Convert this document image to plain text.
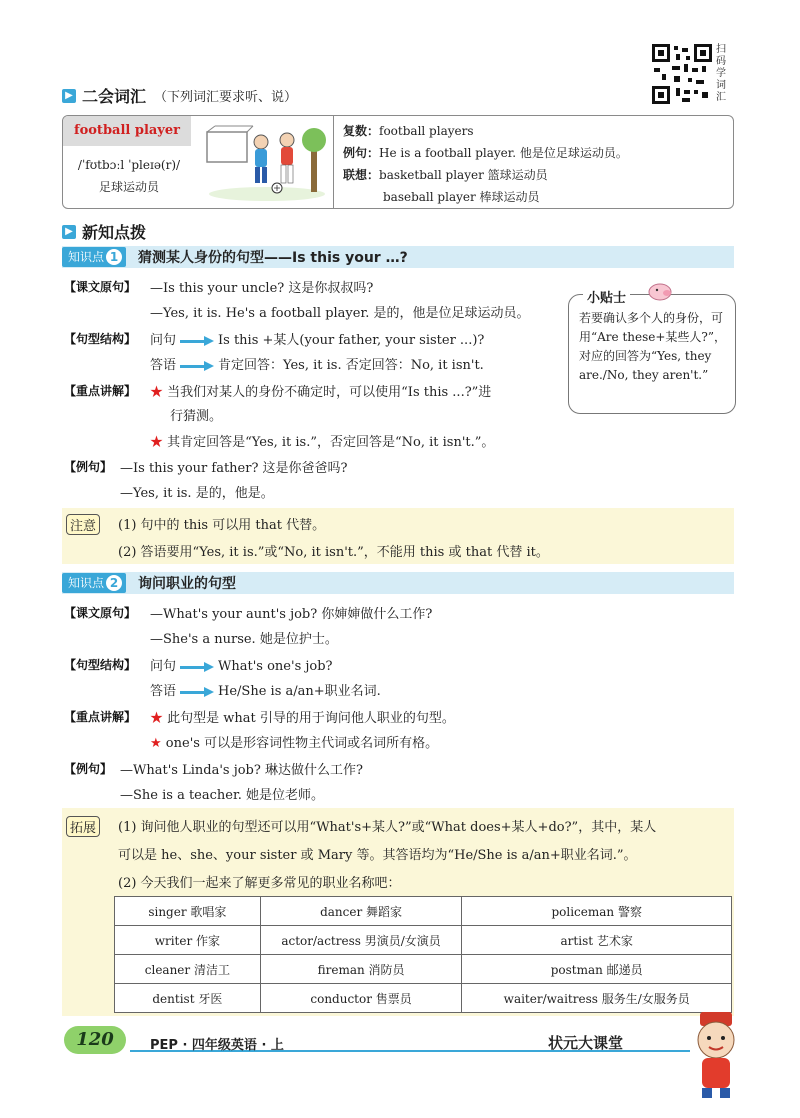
扫码学词汇
▶ 二会词汇 （下列词汇要求听、说）
football player
/ˈfʊtbɔːl ˈpleɪə(r)/
足球运动员
复数：football players
例句：He is a football player. 他是位足球运动员。
联想：basketball player 篮球运动员
baseball player 棒球运动员
▶ 新知点拨
知识点 1 猜测某人身份的句型——Is this your …?
【课文原句】 —Is this your uncle? 这是你叔叔吗?
—Yes, it is. He's a football player. 是的，他是位足球运动员。
【句型结构】 问句	Is this +某人(your father, your sister ...)?
答语	肯定回答：Yes, it is. 否定回答：No, it isn't.
【重点讲解】 ★ 当我们对某人的身份不确定时，可以使用“Is this ...?”进
行猜测。
★ 其肯定回答是“Yes, it is.”，否定回答是“No, it isn't.”。
【例句】 —Is this your father? 这是你爸爸吗?
—Yes, it is. 是的，他是。
小贴士
若要确认多个人的身份，可用“Are these+某些人?”，对应的回答为“Yes, they are./No, they aren't.”
注意	(1) 句中的 this 可以用 that 代替。
(2) 答语要用“Yes, it is.”或“No, it isn't.”，不能用 this 或 that 代替 it。
知识点 2 询问职业的句型
【课文原句】 —What's your aunt's job? 你婶婶做什么工作?
—She's a nurse. 她是位护士。
【句型结构】 问句	What's one's job?
答语	He/She is a/an+职业名词.
【重点讲解】 ★ 此句型是 what 引导的用于询问他人职业的句型。
★ one's 可以是形容词性物主代词或名词所有格。
【例句】 —What's Linda's job? 琳达做什么工作?
—She is a teacher. 她是位老师。
拓展	(1) 询问他人职业的句型还可以用“What's+某人?”或“What does+某人+do?”，其中，某人
可以是 he、she、your sister 或 Mary 等。其答语均为“He/She is a/an+职业名词.”。
(2) 今天我们一起来了解更多常见的职业名称吧：
singer 歌唱家	dancer 舞蹈家	policeman 警察
writer 作家	actor/actress 男演员/女演员	artist 艺术家
cleaner 清洁工	fireman 消防员	postman 邮递员
dentist 牙医	conductor 售票员	waiter/waitress 服务生/女服务员
120	PEP · 四年级英语 · 上	状元大课堂
